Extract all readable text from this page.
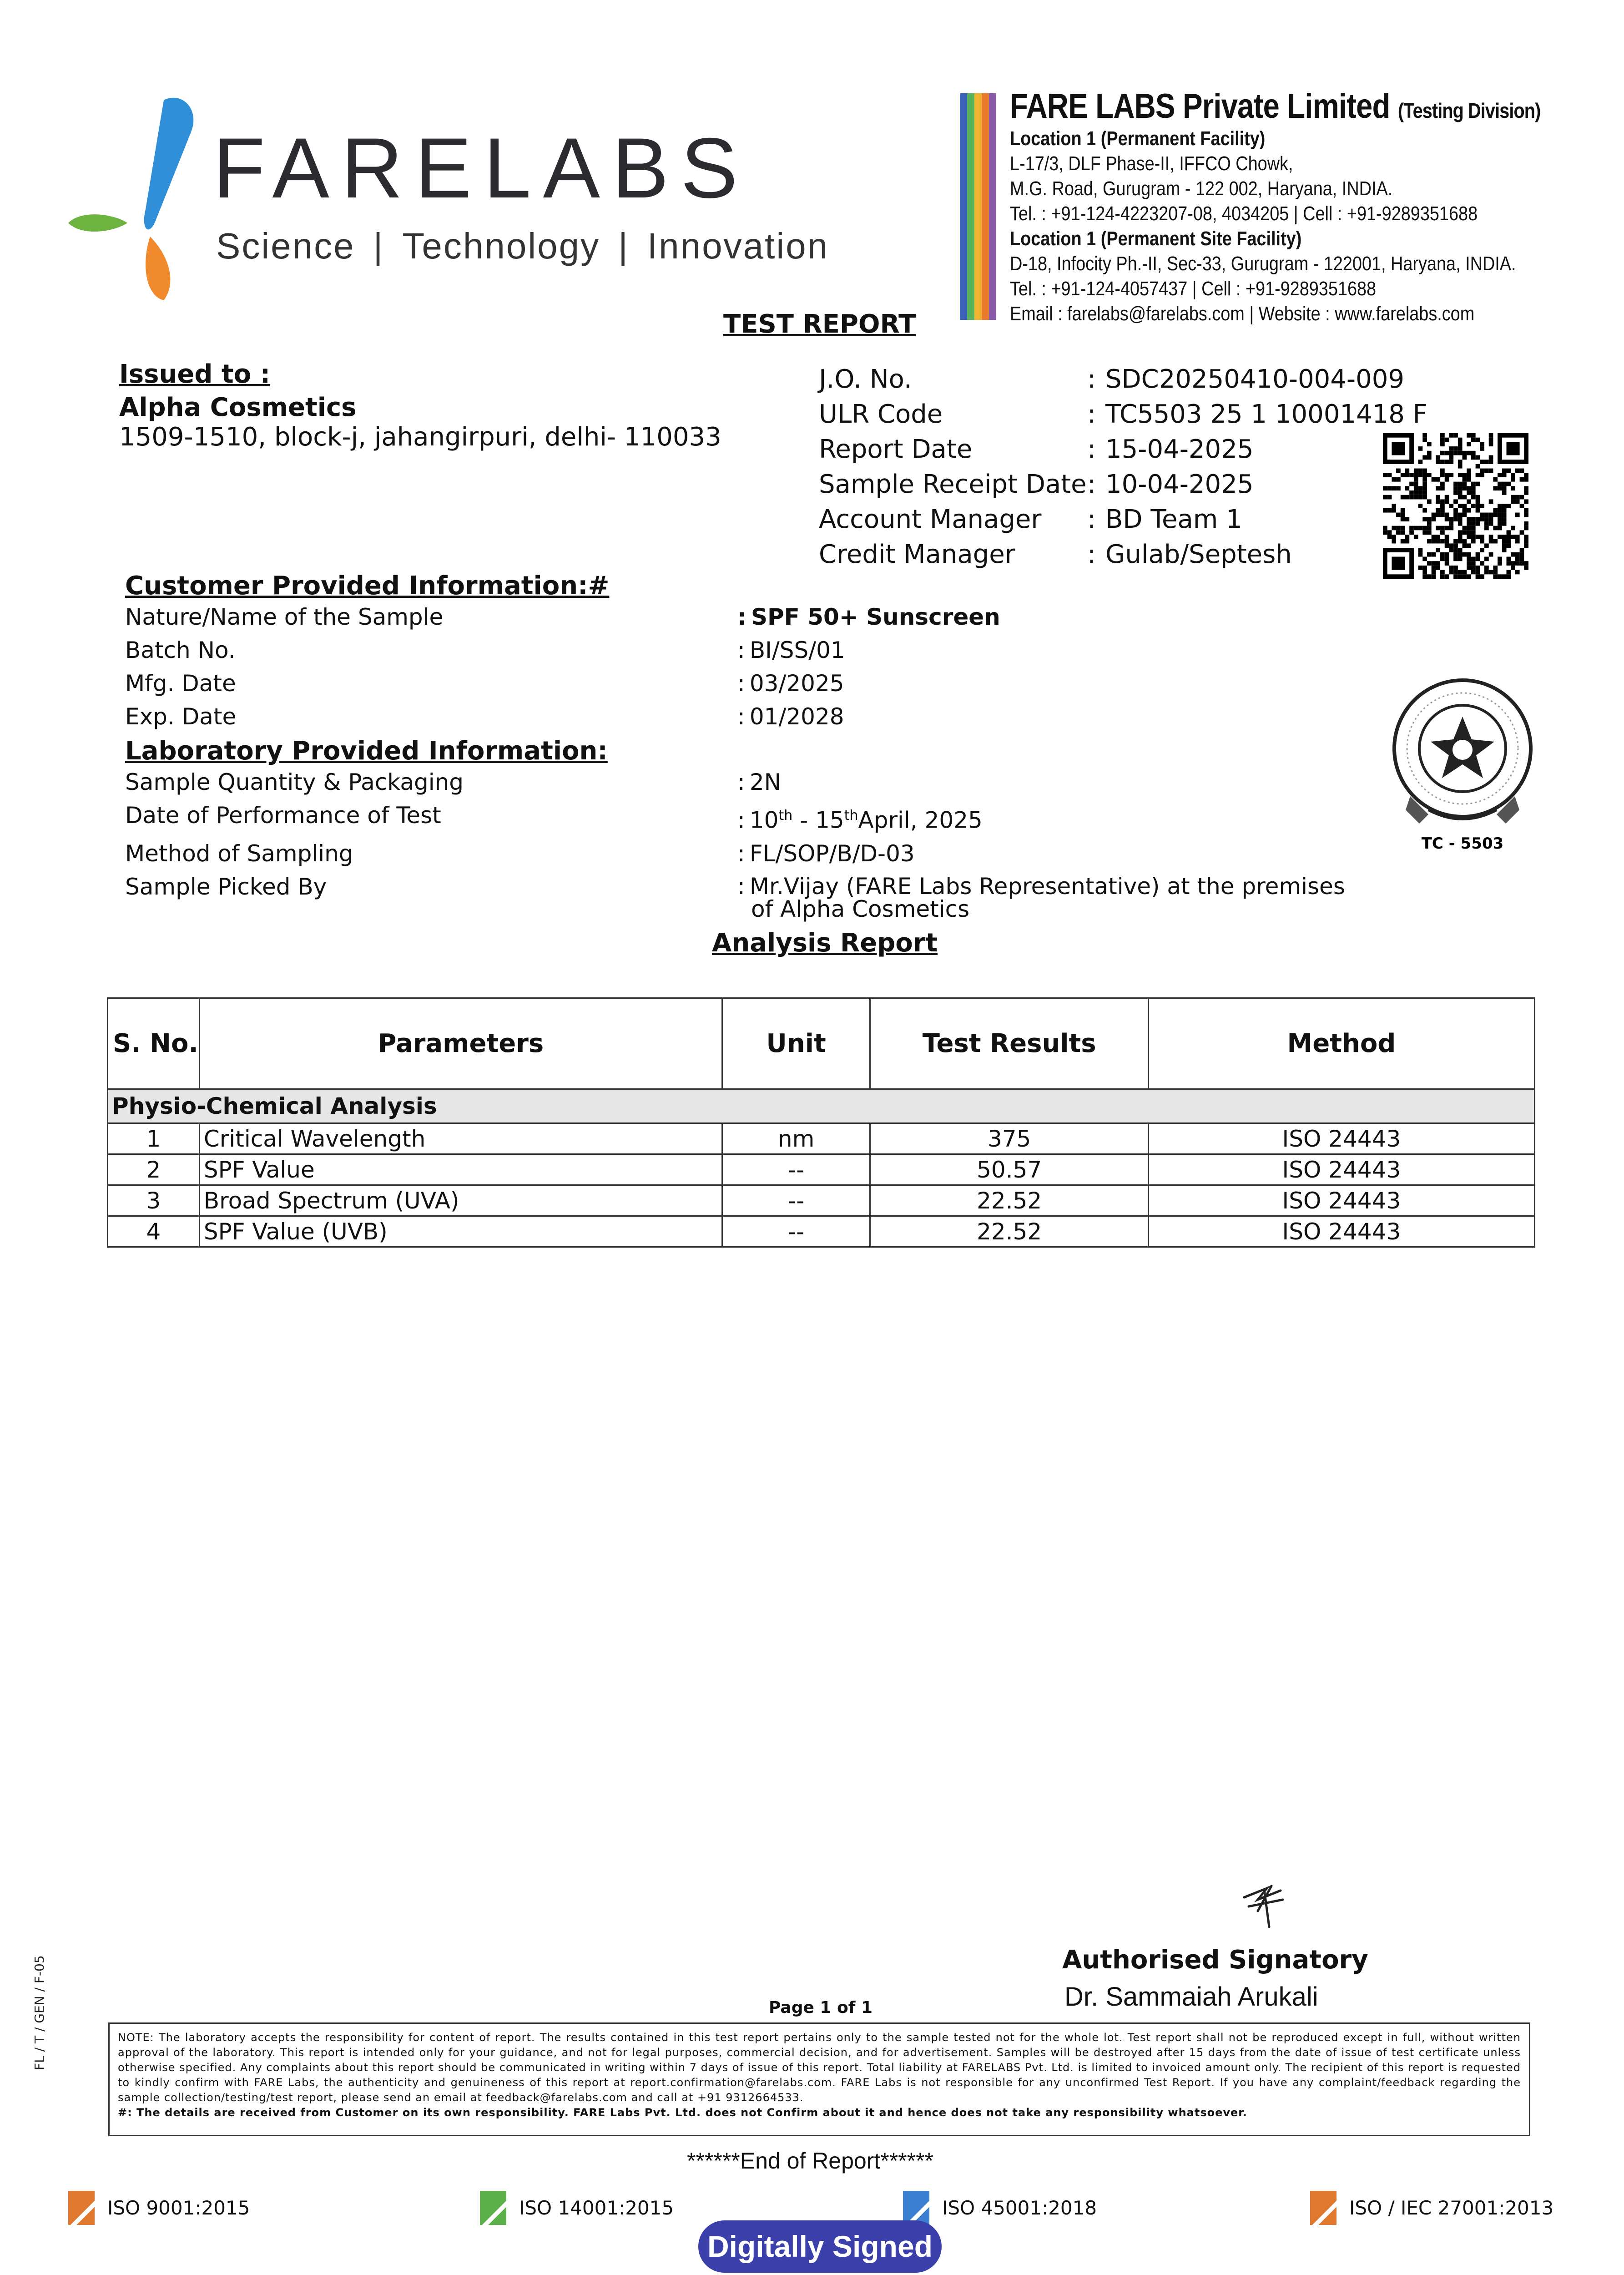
FARELABS
Science | Technology | Innovation
FARE LABS Private Limited (Testing Division)
Location 1 (Permanent Facility)
L-17/3, DLF Phase-II, IFFCO Chowk,
M.G. Road, Gurugram - 122 002, Haryana, INDIA.
Tel. : +91-124-4223207-08, 4034205 | Cell : +91-9289351688
Location 1 (Permanent Site Facility)
D-18, Infocity Ph.-II, Sec-33, Gurugram - 122001, Haryana, INDIA.
Tel. : +91-124-4057437 | Cell : +91-9289351688
Email : farelabs@farelabs.com | Website : www.farelabs.com
TEST REPORT
Issued to :
Alpha Cosmetics
1509-1510, block-j, jahangirpuri, delhi- 110033
J.O. No.	: SDC20250410-004-009
ULR Code	: TC5503 25 1 10001418 F
Report Date	: 15-04-2025
Sample Receipt Date : 10-04-2025
Account Manager	: BD Team 1
Credit Manager	: Gulab/Septesh
Customer Provided Information:#
Nature/Name of the Sample	: SPF 50+ Sunscreen
Batch No.	: BI/SS/01
Mfg. Date	: 03/2025
Exp. Date	: 01/2028
Laboratory Provided Information:
Sample Quantity & Packaging	: 2N
Date of Performance of Test	: 10th - 15thApril, 2025
Method of Sampling	: FL/SOP/B/D-03
Sample Picked By	: Mr.Vijay (FARE Labs Representative) at the premises
of Alpha Cosmetics
TC - 5503
Analysis Report
S. No.	Parameters	Unit	Test Results	Method
Physio-Chemical Analysis				
1	Critical Wavelength	nm	375	ISO 24443
2	SPF Value	--	50.57	ISO 24443
3	Broad Spectrum (UVA)	--	22.52	ISO 24443
4	SPF Value (UVB)	--	22.52	ISO 24443
Authorised Signatory
Dr. Sammaiah Arukali
FL / T / GEN / F-05	Page 1 of 1
NOTE: The laboratory accepts the responsibility for content of report. The results contained in this test report pertains only to the sample tested not for the whole lot. Test report shall not be reproduced except in full, without written approval of the laboratory. This report is intended only for your guidance, and not for legal purposes, commercial decision, and for advertisement. Samples will be destroyed after 15 days from the date of issue of test certificate unless otherwise specified. Any complaints about this report should be communicated in writing within 7 days of issue of this report. Total liability at FARELABS Pvt. Ltd. is limited to invoiced amount only. The recipient of this report is requested to kindly confirm with FARE Labs, the authenticity and genuineness of this report at report.confirmation@farelabs.com. FARE Labs is not responsible for any unconfirmed Test Report. If you have any complaint/feedback regarding the sample collection/testing/test report, please send an email at feedback@farelabs.com and call at +91 9312664533.
#: The details are received from Customer on its own responsibility. FARE Labs Pvt. Ltd. does not Confirm about it and hence does not take any responsibility whatsoever.
******End of Report******
ISO 9001:2015	ISO 14001:2015	ISO 45001:2018	ISO / IEC 27001:2013
Digitally Signed
